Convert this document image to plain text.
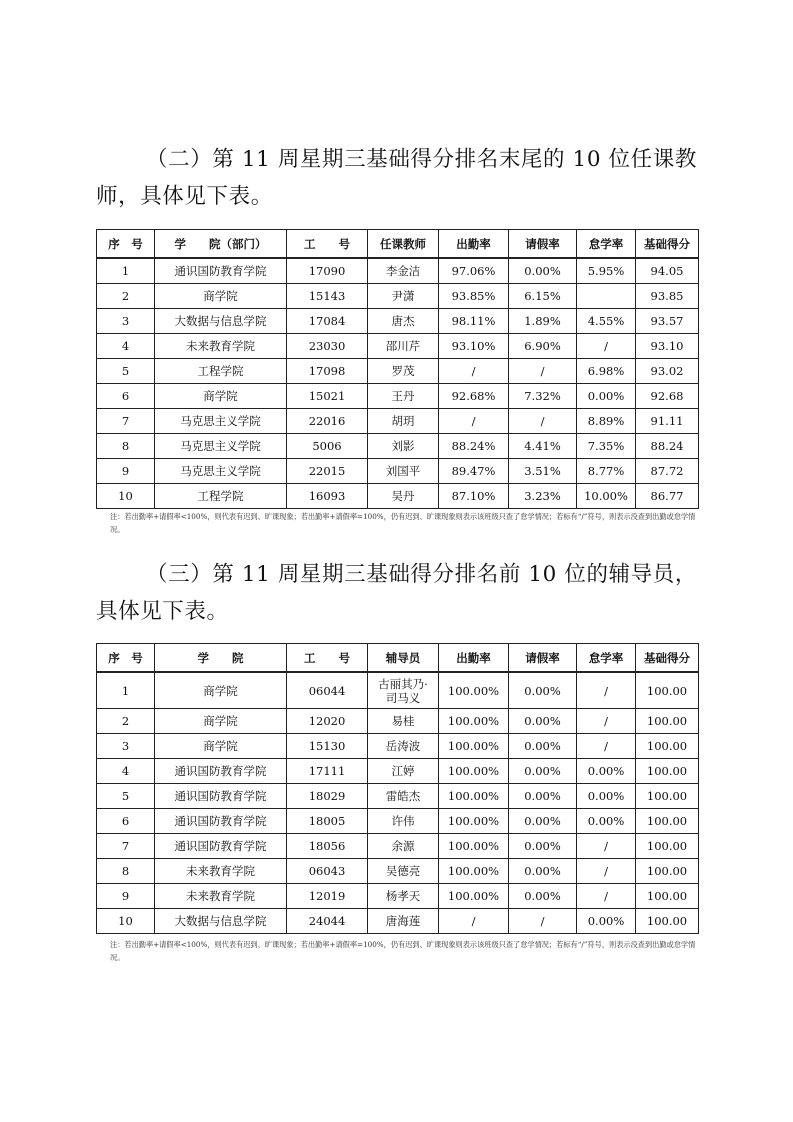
（二）第 11 周星期三基础得分排名末尾的 10 位任课教师，具体见下表。

序　号	学　　院（部门）	工　　号	任课教师	出勤率	请假率	怠学率	基础得分
1	通识国防教育学院	17090	李金洁	97.06%	0.00%	5.95%	94.05
2	商学院	15143	尹潇	93.85%	6.15%		93.85
3	大数据与信息学院	17084	唐杰	98.11%	1.89%	4.55%	93.57
4	未来教育学院	23030	邵川芹	93.10%	6.90%	/	93.10
5	工程学院	17098	罗茂	/	/	6.98%	93.02
6	商学院	15021	王丹	92.68%	7.32%	0.00%	92.68
7	马克思主义学院	22016	胡玥	/	/	8.89%	91.11
8	马克思主义学院	5006	刘影	88.24%	4.41%	7.35%	88.24
9	马克思主义学院	22015	刘国平	89.47%	3.51%	8.77%	87.72
10	工程学院	16093	吴丹	87.10%	3.23%	10.00%	86.77

注：若出勤率+请假率<100%，则代表有迟到、旷课现象；若出勤率+请假率=100%，仍有迟到、旷课现象则表示该班级只查了怠学情况；若标有“/”符号，则表示没查到出勤或怠学情况。

（三）第 11 周星期三基础得分排名前 10 位的辅导员，具体见下表。

序　号	学　　院	工　　号	辅导员	出勤率	请假率	怠学率	基础得分
1	商学院	06044	古丽其乃·司马义	100.00%	0.00%	/	100.00
2	商学院	12020	易桂	100.00%	0.00%	/	100.00
3	商学院	15130	岳涛波	100.00%	0.00%	/	100.00
4	通识国防教育学院	17111	江婷	100.00%	0.00%	0.00%	100.00
5	通识国防教育学院	18029	雷皓杰	100.00%	0.00%	0.00%	100.00
6	通识国防教育学院	18005	许伟	100.00%	0.00%	0.00%	100.00
7	通识国防教育学院	18056	余源	100.00%	0.00%	/	100.00
8	未来教育学院	06043	吴德亮	100.00%	0.00%	/	100.00
9	未来教育学院	12019	杨孝天	100.00%	0.00%	/	100.00
10	大数据与信息学院	24044	唐海莲	/	/	0.00%	100.00

注：若出勤率+请假率<100%，则代表有迟到、旷课现象；若出勤率+请假率=100%，仍有迟到、旷课现象则表示该班级只查了怠学情况；若标有“/”符号，则表示没查到出勤或怠学情况。
